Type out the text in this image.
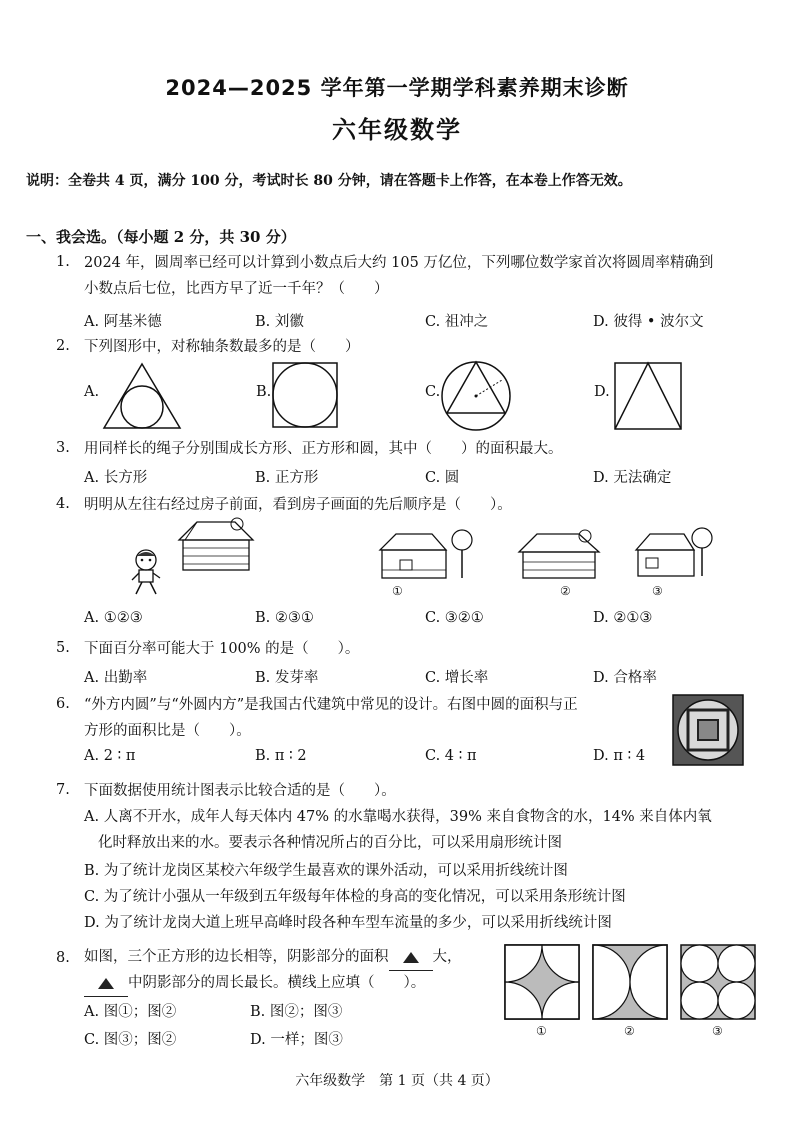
2024—2025 学年第一学期学科素养期末诊断
六年级数学
说明：全卷共 4 页，满分 100 分，考试时长 80 分钟，请在答题卡上作答，在本卷上作答无效。
一、我会选。（每小题 2 分，共 30 分）
1. 2024 年，圆周率已经可以计算到小数点后大约 105 万亿位，下列哪位数学家首次将圆周率精确到
小数点后七位，比西方早了近一千年？（　　）
A. 阿基米德	B. 刘徽	C. 祖冲之	D. 彼得 • 波尔文
2. 下列图形中，对称轴条数最多的是（　　）
A.	B.	C.	D.
3. 用同样长的绳子分别围成长方形、正方形和圆，其中（　　）的面积最大。
A. 长方形	B. 正方形	C. 圆	D. 无法确定
4. 明明从左往右经过房子前面，看到房子画面的先后顺序是（　　）。
①	②	③
A. ①②③	B. ②③①	C. ③②①	D. ②①③
5. 下面百分率可能大于 100% 的是（　　）。
A. 出勤率	B. 发芽率	C. 增长率	D. 合格率
6. “外方内圆”与“外圆内方”是我国古代建筑中常见的设计。右图中圆的面积与正
方形的面积比是（　　）。
A. 2 ∶ π	B. π ∶ 2	C. 4 ∶ π	D. π ∶ 4
7. 下面数据使用统计图表示比较合适的是（　　）。
A. 人离不开水，成年人每天体内 47% 的水靠喝水获得，39% 来自食物含的水，14% 来自体内氧
化时释放出来的水。要表示各种情况所占的百分比，可以采用扇形统计图
B. 为了统计龙岗区某校六年级学生最喜欢的课外活动，可以采用折线统计图
C. 为了统计小强从一年级到五年级每年体检的身高的变化情况，可以采用条形统计图
D. 为了统计龙岗大道上班早高峰时段各种车型车流量的多少，可以采用折线统计图
8. 如图，三个正方形的边长相等，阴影部分的面积	大，
中阴影部分的周长最长。横线上应填（　　）。
A. 图①；图②	B. 图②；图③
C. 图③；图②	D. 一样；图③
①	②	③
六年级数学　第 1 页（共 4 页）
